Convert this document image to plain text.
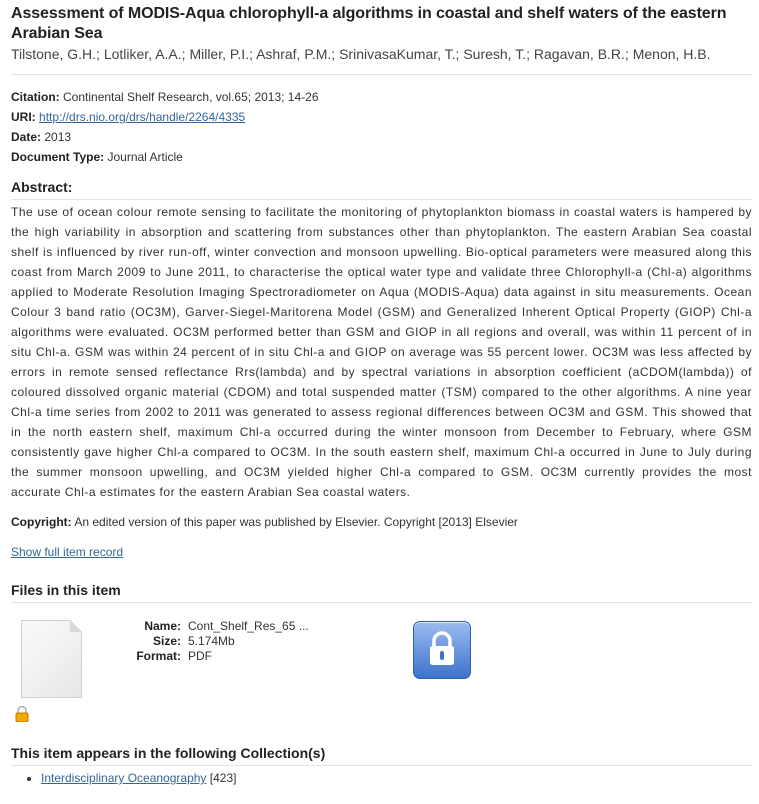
Assessment of MODIS-Aqua chlorophyll-a algorithms in coastal and shelf waters of the eastern Arabian Sea
Tilstone, G.H.; Lotliker, A.A.; Miller, P.I.; Ashraf, P.M.; SrinivasaKumar, T.; Suresh, T.; Ragavan, B.R.; Menon, H.B.
Citation: Continental Shelf Research, vol.65; 2013; 14-26
URI: http://drs.nio.org/drs/handle/2264/4335
Date: 2013
Document Type: Journal Article
Abstract:
The use of ocean colour remote sensing to facilitate the monitoring of phytoplankton biomass in coastal waters is hampered by the high variability in absorption and scattering from substances other than phytoplankton. The eastern Arabian Sea coastal shelf is influenced by river run-off, winter convection and monsoon upwelling. Bio-optical parameters were measured along this coast from March 2009 to June 2011, to characterise the optical water type and validate three Chlorophyll-a (Chl-a) algorithms applied to Moderate Resolution Imaging Spectroradiometer on Aqua (MODIS-Aqua) data against in situ measurements. Ocean Colour 3 band ratio (OC3M), Garver-Siegel-Maritorena Model (GSM) and Generalized Inherent Optical Property (GIOP) Chl-a algorithms were evaluated. OC3M performed better than GSM and GIOP in all regions and overall, was within 11 percent of in situ Chl-a. GSM was within 24 percent of in situ Chl-a and GIOP on average was 55 percent lower. OC3M was less affected by errors in remote sensed reflectance Rrs(lambda) and by spectral variations in absorption coefficient (aCDOM(lambda)) of coloured dissolved organic material (CDOM) and total suspended matter (TSM) compared to the other algorithms. A nine year Chl-a time series from 2002 to 2011 was generated to assess regional differences between OC3M and GSM. This showed that in the north eastern shelf, maximum Chl-a occurred during the winter monsoon from December to February, where GSM consistently gave higher Chl-a compared to OC3M. In the south eastern shelf, maximum Chl-a occurred in June to July during the summer monsoon upwelling, and OC3M yielded higher Chl-a compared to GSM. OC3M currently provides the most accurate Chl-a estimates for the eastern Arabian Sea coastal waters.
Copyright: An edited version of this paper was published by Elsevier. Copyright [2013] Elsevier
Show full item record
Files in this item
Name: Cont_Shelf_Res_65 ...
Size: 5.174Mb
Format: PDF
This item appears in the following Collection(s)
• Interdisciplinary Oceanography [423]
